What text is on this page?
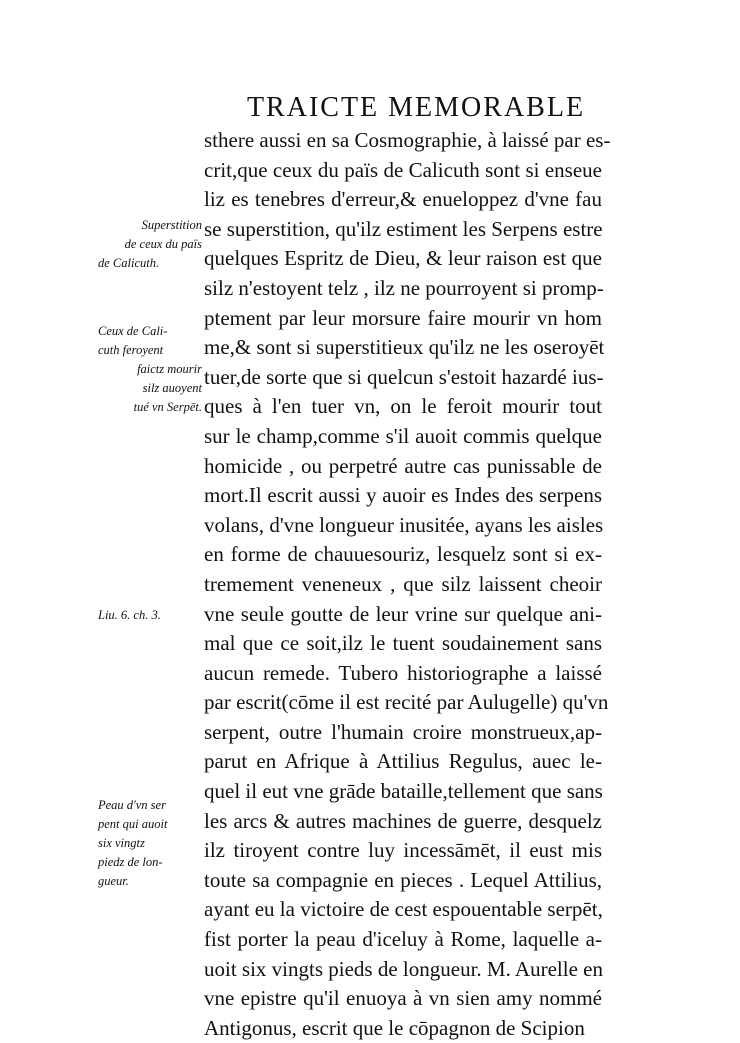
TRAICTE MEMORABLE
Superstition
de ceux du païs
de Calicuth.
Ceux de Cali-
cuth feroyent
faictz mourir
silz auoyent
tué vn Serpēt.
Liu. 6. ch. 3.
Peau d'vn ser
pent qui auoit
six vingtz
piedz de lon-
gueur.
sthere aussi en sa Cosmographie, à laissé par es-
crit,que ceux du païs de Calicuth sont si enseue
liz es tenebres d'erreur,& enueloppez d'vne fau
se superstition, qu'ilz estiment les Serpens estre
quelques Espritz de Dieu, & leur raison est que
silz n'estoyent telz , ilz ne pourroyent si promp-
ptement par leur morsure faire mourir vn hom
me,& sont si superstitieux qu'ilz ne les oseroyēt
tuer,de sorte que si quelcun s'estoit hazardé ius-
ques à l'en tuer vn, on le feroit mourir tout
sur le champ,comme s'il auoit commis quelque
homicide , ou perpetré autre cas punissable de
mort.Il escrit aussi y auoir es Indes des serpens
volans, d'vne longueur inusitée, ayans les aisles
en forme de chauuesouriz, lesquelz sont si ex-
tremement veneneux , que silz laissent cheoir
vne seule goutte de leur vrine sur quelque ani-
mal que ce soit,ilz le tuent soudainement sans
aucun remede. Tubero historiographe a laissé
par escrit(cōme il est recité par Aulugelle) qu'vn
serpent, outre l'humain croire monstrueux,ap-
parut en Afrique à Attilius Regulus, auec le-
quel il eut vne grāde bataille,tellement que sans
les arcs & autres machines de guerre, desquelz
ilz tiroyent contre luy incessāmēt, il eust mis
toute sa compagnie en pieces . Lequel Attilius,
ayant eu la victoire de cest espouentable serpēt,
fist porter la peau d'iceluy à Rome, laquelle a-
uoit six vingts pieds de longueur. M. Aurelle en
vne epistre qu'il enuoya à vn sien amy nommé
Antigonus, escrit que le cōpagnon de Scipion
